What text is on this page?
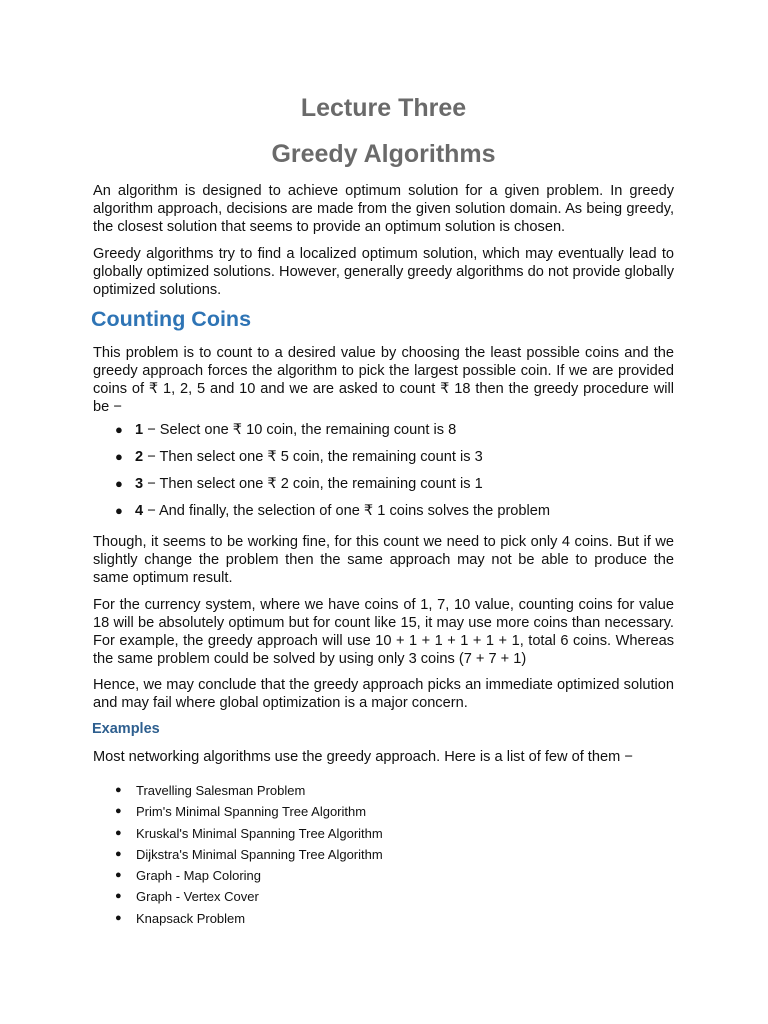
Lecture Three
Greedy Algorithms

An algorithm is designed to achieve optimum solution for a given problem. In greedy algorithm approach, decisions are made from the given solution domain. As being greedy, the closest solution that seems to provide an optimum solution is chosen.

Greedy algorithms try to find a localized optimum solution, which may eventually lead to globally optimized solutions. However, generally greedy algorithms do not provide globally optimized solutions.

Counting Coins

This problem is to count to a desired value by choosing the least possible coins and the greedy approach forces the algorithm to pick the largest possible coin. If we are provided coins of ₹ 1, 2, 5 and 10 and we are asked to count ₹ 18 then the greedy procedure will be −

● 1 − Select one ₹ 10 coin, the remaining count is 8
● 2 − Then select one ₹ 5 coin, the remaining count is 3
● 3 − Then select one ₹ 2 coin, the remaining count is 1
● 4 − And finally, the selection of one ₹ 1 coins solves the problem

Though, it seems to be working fine, for this count we need to pick only 4 coins. But if we slightly change the problem then the same approach may not be able to produce the same optimum result.

For the currency system, where we have coins of 1, 7, 10 value, counting coins for value 18 will be absolutely optimum but for count like 15, it may use more coins than necessary. For example, the greedy approach will use 10 + 1 + 1 + 1 + 1 + 1, total 6 coins. Whereas the same problem could be solved by using only 3 coins (7 + 7 + 1)

Hence, we may conclude that the greedy approach picks an immediate optimized solution and may fail where global optimization is a major concern.

Examples

Most networking algorithms use the greedy approach. Here is a list of few of them −

● Travelling Salesman Problem
● Prim's Minimal Spanning Tree Algorithm
● Kruskal's Minimal Spanning Tree Algorithm
● Dijkstra's Minimal Spanning Tree Algorithm
● Graph - Map Coloring
● Graph - Vertex Cover
● Knapsack Problem
